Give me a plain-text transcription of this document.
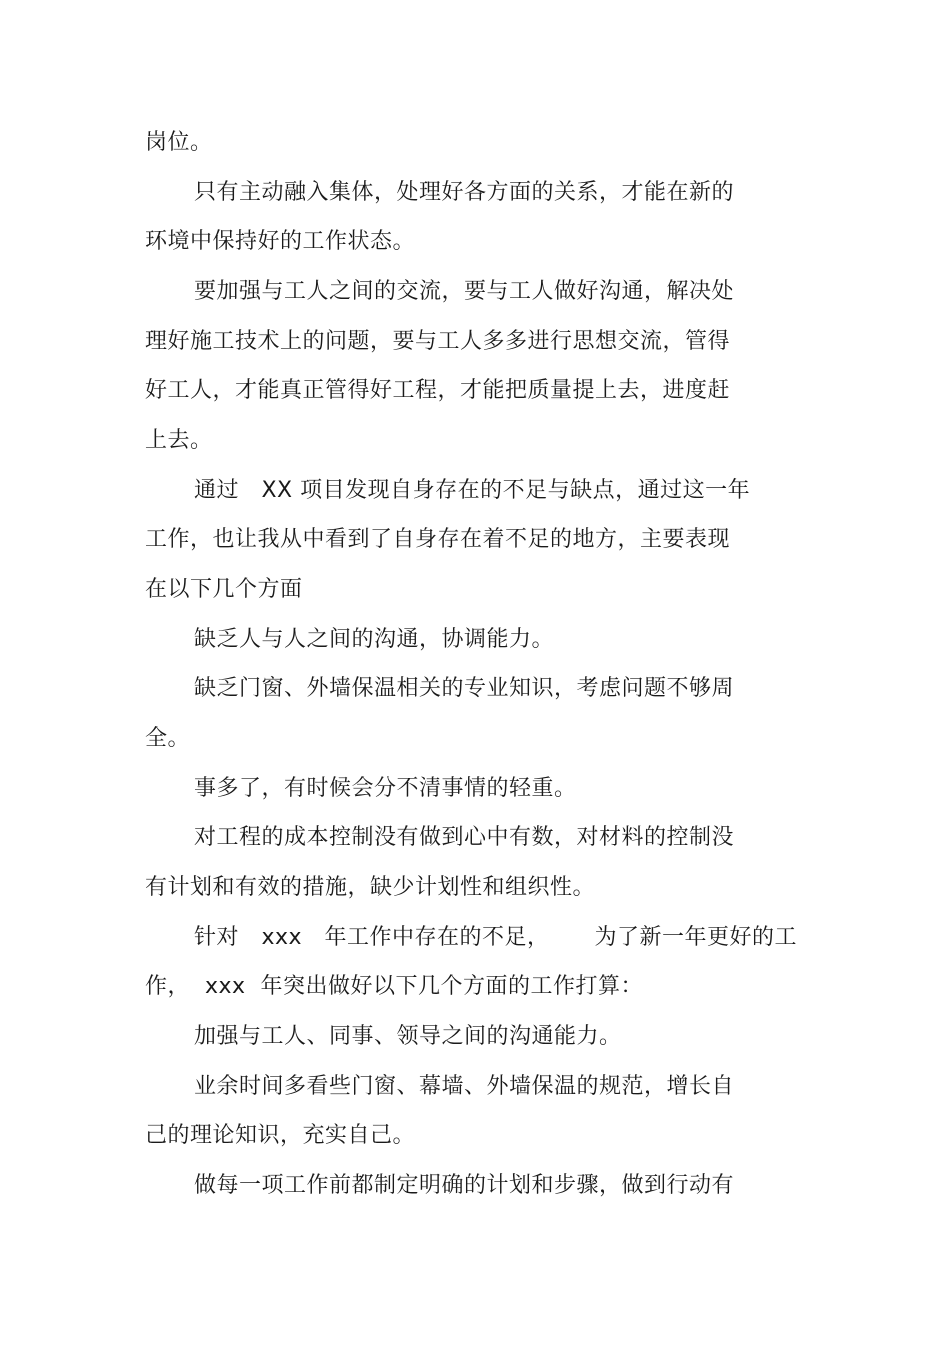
岗位。
只有主动融入集体，处理好各方面的关系，才能在新的
环境中保持好的工作状态。
要加强与工人之间的交流，要与工人做好沟通，解决处
理好施工技术上的问题，要与工人多多进行思想交流，管得
好工人，才能真正管得好工程，才能把质量提上去，进度赶
上去。
通过   XX 项目发现自身存在的不足与缺点，通过这一年
工作，也让我从中看到了自身存在着不足的地方，主要表现
在以下几个方面
缺乏人与人之间的沟通，协调能力。
缺乏门窗、外墙保温相关的专业知识，考虑问题不够周
全。
事多了，有时候会分不清事情的轻重。
对工程的成本控制没有做到心中有数，对材料的控制没
有计划和有效的措施，缺少计划性和组织性。
针对   xxx   年工作中存在的不足，      为了新一年更好的工
作，  xxx  年突出做好以下几个方面的工作打算：
加强与工人、同事、领导之间的沟通能力。
业余时间多看些门窗、幕墙、外墙保温的规范，增长自
己的理论知识，充实自己。
做每一项工作前都制定明确的计划和步骤，做到行动有
